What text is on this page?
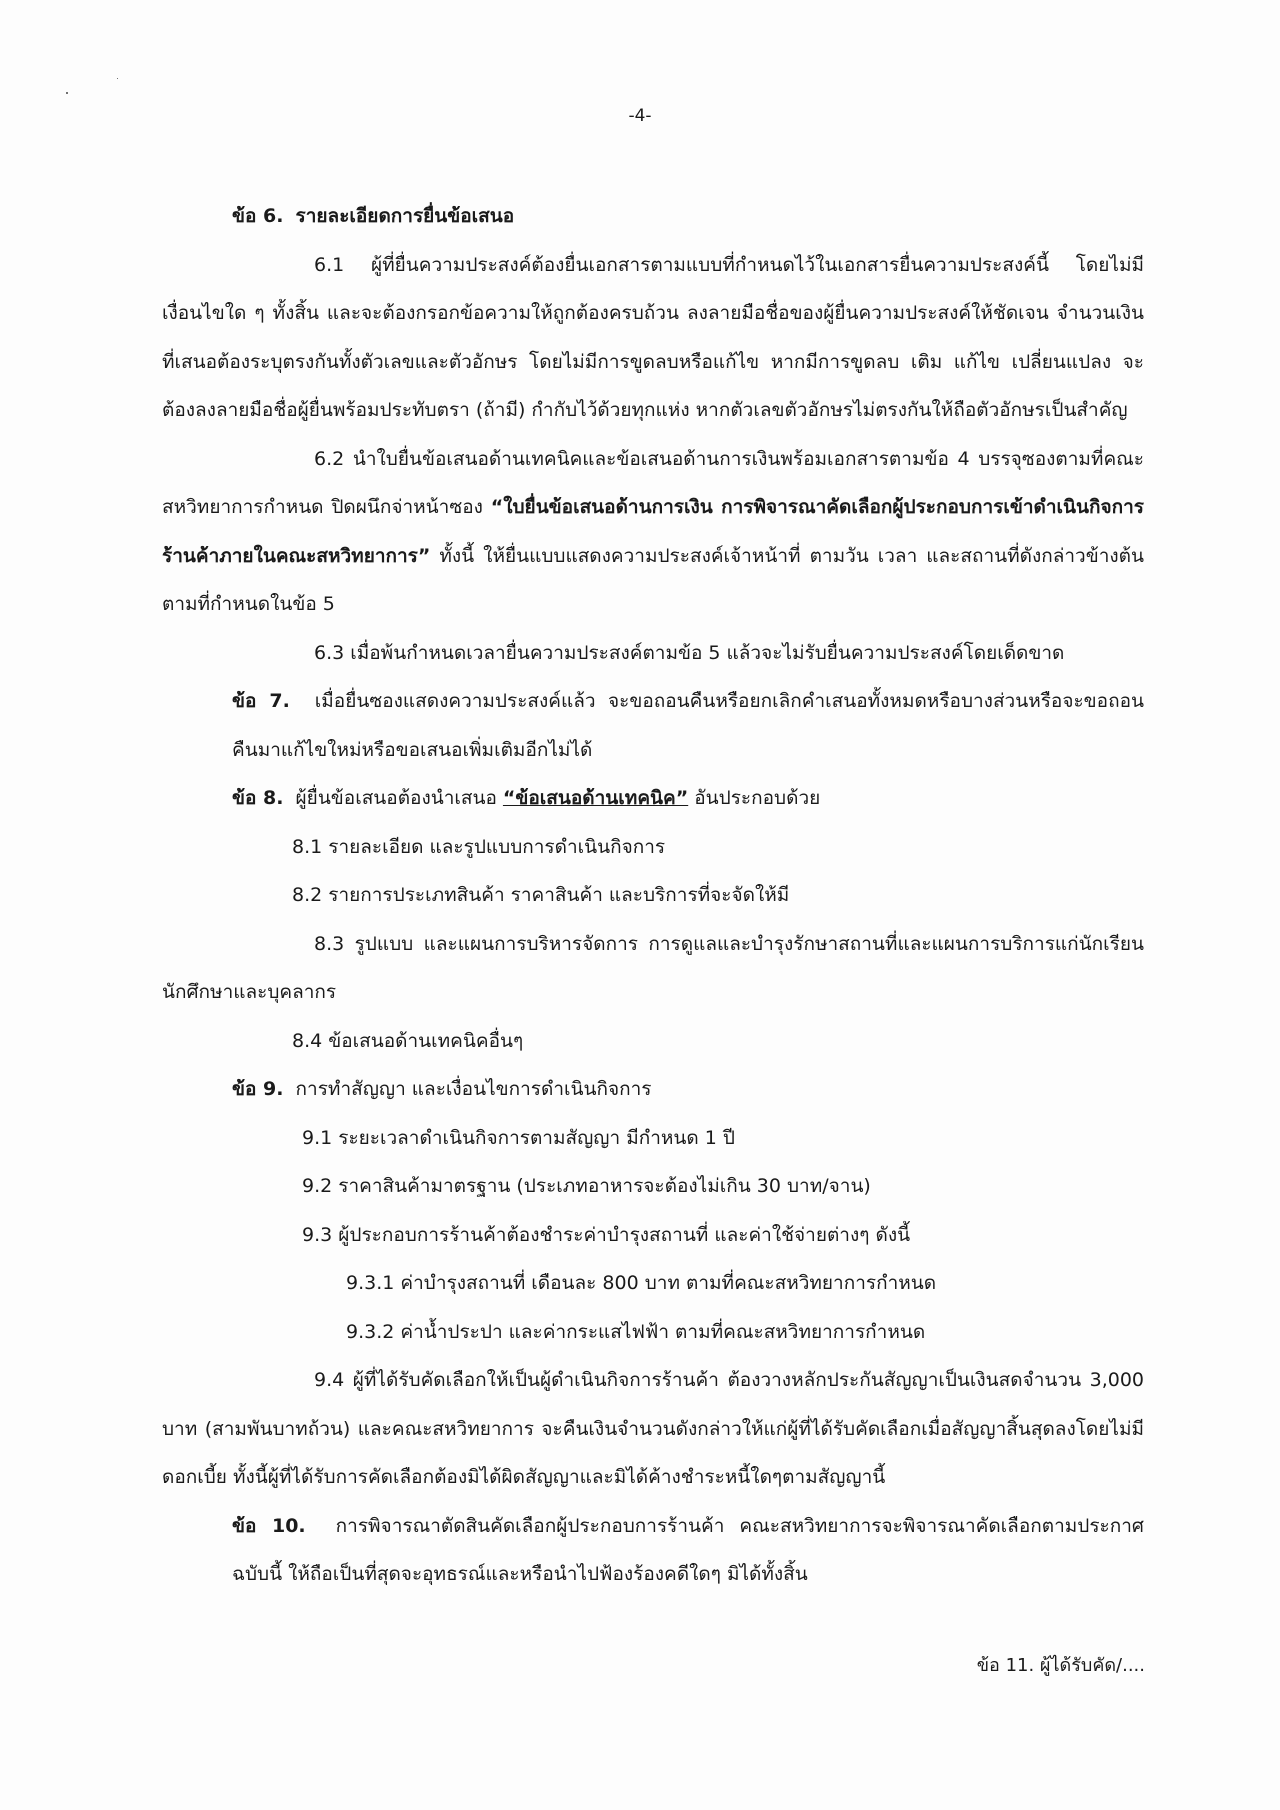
-4-

ข้อ 6. รายละเอียดการยื่นข้อเสนอ

6.1 ผู้ที่ยื่นความประสงค์ต้องยื่นเอกสารตามแบบที่กำหนดไว้ในเอกสารยื่นความประสงค์นี้ โดยไม่มีเงื่อนไขใด ๆ ทั้งสิ้น และจะต้องกรอกข้อความให้ถูกต้องครบถ้วน ลงลายมือชื่อของผู้ยื่นความประสงค์ให้ชัดเจน จำนวนเงินที่เสนอต้องระบุตรงกันทั้งตัวเลขและตัวอักษร โดยไม่มีการขูดลบหรือแก้ไข หากมีการขูดลบ เติม แก้ไข เปลี่ยนแปลง จะต้องลงลายมือชื่อผู้ยื่นพร้อมประทับตรา (ถ้ามี) กำกับไว้ด้วยทุกแห่ง หากตัวเลขตัวอักษรไม่ตรงกันให้ถือตัวอักษรเป็นสำคัญ

6.2 นำใบยื่นข้อเสนอด้านเทคนิคและข้อเสนอด้านการเงินพร้อมเอกสารตามข้อ 4 บรรจุซองตามที่คณะสหวิทยาการกำหนด ปิดผนึกจ่าหน้าซอง “ใบยื่นข้อเสนอด้านการเงิน การพิจารณาคัดเลือกผู้ประกอบการเข้าดำเนินกิจการร้านค้าภายในคณะสหวิทยาการ” ทั้งนี้ ให้ยื่นแบบแสดงความประสงค์เจ้าหน้าที่ ตามวัน เวลา และสถานที่ดังกล่าวข้างต้นตามที่กำหนดในข้อ 5

6.3 เมื่อพ้นกำหนดเวลายื่นความประสงค์ตามข้อ 5 แล้วจะไม่รับยื่นความประสงค์โดยเด็ดขาด

ข้อ 7. เมื่อยื่นซองแสดงความประสงค์แล้ว จะขอถอนคืนหรือยกเลิกคำเสนอทั้งหมดหรือบางส่วนหรือจะขอถอนคืนมาแก้ไขใหม่หรือขอเสนอเพิ่มเติมอีกไม่ได้

ข้อ 8. ผู้ยื่นข้อเสนอต้องนำเสนอ “ข้อเสนอด้านเทคนิค” อันประกอบด้วย

8.1 รายละเอียด และรูปแบบการดำเนินกิจการ

8.2 รายการประเภทสินค้า ราคาสินค้า และบริการที่จะจัดให้มี

8.3 รูปแบบ และแผนการบริหารจัดการ การดูแลและบำรุงรักษาสถานที่และแผนการบริการแก่นักเรียน นักศึกษาและบุคลากร

8.4 ข้อเสนอด้านเทคนิคอื่นๆ

ข้อ 9. การทำสัญญา และเงื่อนไขการดำเนินกิจการ

9.1 ระยะเวลาดำเนินกิจการตามสัญญา มีกำหนด 1 ปี

9.2 ราคาสินค้ามาตรฐาน (ประเภทอาหารจะต้องไม่เกิน 30 บาท/จาน)

9.3 ผู้ประกอบการร้านค้าต้องชำระค่าบำรุงสถานที่ และค่าใช้จ่ายต่างๆ ดังนี้

9.3.1 ค่าบำรุงสถานที่ เดือนละ 800 บาท ตามที่คณะสหวิทยาการกำหนด

9.3.2 ค่าน้ำประปา และค่ากระแสไฟฟ้า ตามที่คณะสหวิทยาการกำหนด

9.4 ผู้ที่ได้รับคัดเลือกให้เป็นผู้ดำเนินกิจการร้านค้า ต้องวางหลักประกันสัญญาเป็นเงินสดจำนวน 3,000 บาท (สามพันบาทถ้วน) และคณะสหวิทยาการ จะคืนเงินจำนวนดังกล่าวให้แก่ผู้ที่ได้รับคัดเลือกเมื่อสัญญาสิ้นสุดลงโดยไม่มีดอกเบี้ย ทั้งนี้ผู้ที่ได้รับการคัดเลือกต้องมิได้ผิดสัญญาและมิได้ค้างชำระหนี้ใดๆตามสัญญานี้

ข้อ 10. การพิจารณาตัดสินคัดเลือกผู้ประกอบการร้านค้า คณะสหวิทยาการจะพิจารณาคัดเลือกตามประกาศฉบับนี้ ให้ถือเป็นที่สุดจะอุทธรณ์และหรือนำไปฟ้องร้องคดีใดๆ มิได้ทั้งสิ้น

ข้อ 11. ผู้ได้รับคัด/....
